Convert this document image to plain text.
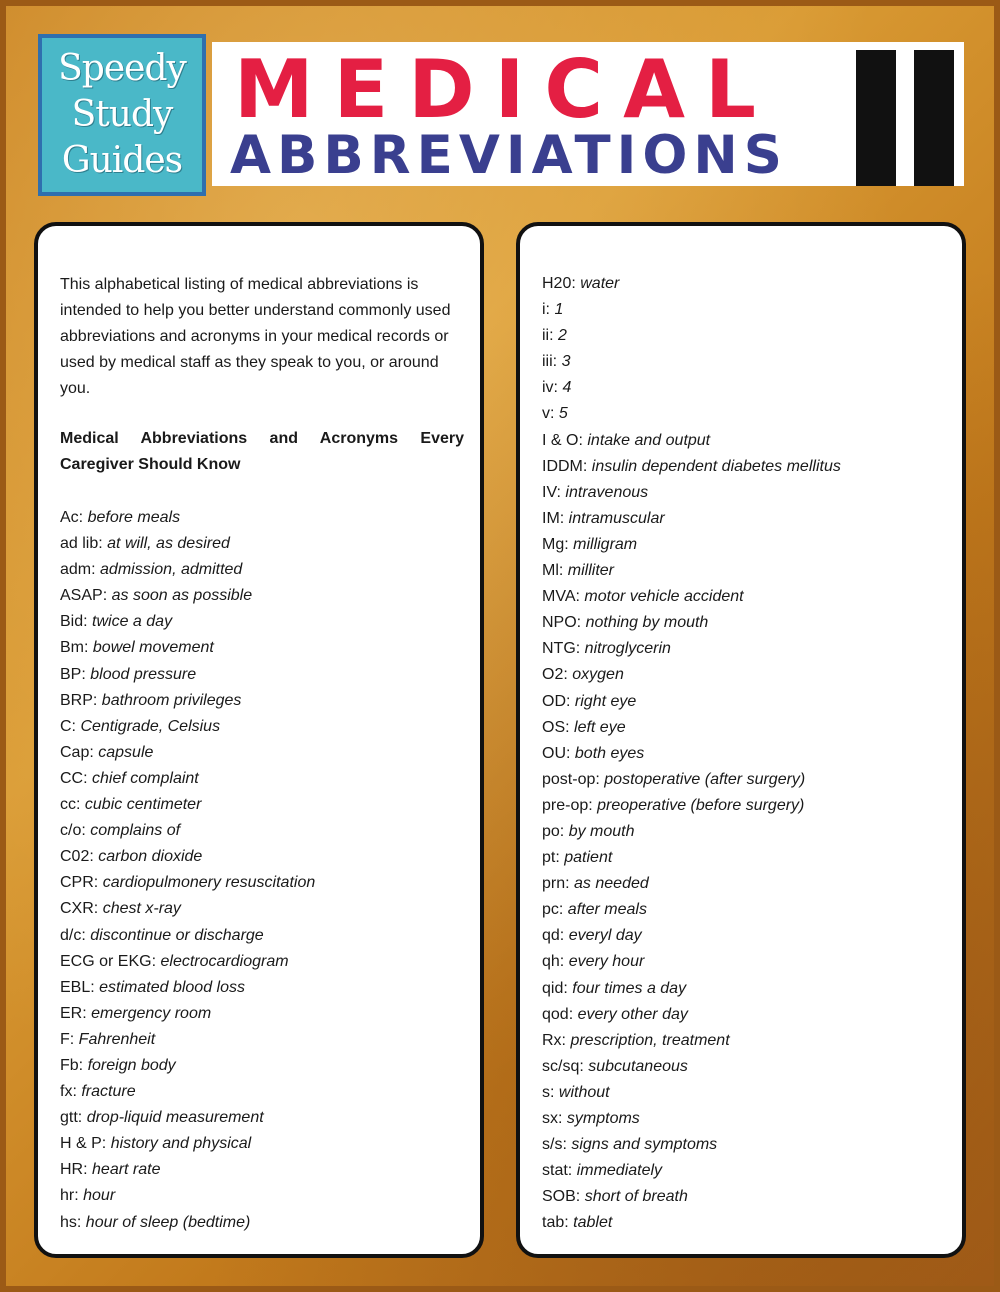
Speedy
Study
Guides
MEDICAL
ABBREVIATIONS

This alphabetical listing of medical abbreviations is intended to help you better understand commonly used abbreviations and acronyms in your medical records or used by medical staff as they speak to you, or around you.

Medical Abbreviations and Acronyms Every Caregiver Should Know

Ac: before meals
ad lib: at will, as desired
adm: admission, admitted
ASAP: as soon as possible
Bid: twice a day
Bm: bowel movement
BP: blood pressure
BRP: bathroom privileges
C: Centigrade, Celsius
Cap: capsule
CC: chief complaint
cc: cubic centimeter
c/o: complains of
C02: carbon dioxide
CPR: cardiopulmonery resuscitation
CXR: chest x-ray
d/c: discontinue or discharge
ECG or EKG: electrocardiogram
EBL: estimated blood loss
ER: emergency room
F: Fahrenheit
Fb: foreign body
fx: fracture
gtt: drop-liquid measurement
H & P: history and physical
HR: heart rate
hr: hour
hs: hour of sleep (bedtime)
H20: water
i: 1
ii: 2
iii: 3
iv: 4
v: 5
I & O: intake and output
IDDM: insulin dependent diabetes mellitus
IV: intravenous
IM: intramuscular
Mg: milligram
Ml: milliter
MVA: motor vehicle accident
NPO: nothing by mouth
NTG: nitroglycerin
O2: oxygen
OD: right eye
OS: left eye
OU: both eyes
post-op: postoperative (after surgery)
pre-op: preoperative (before surgery)
po: by mouth
pt: patient
prn: as needed
pc: after meals
qd: everyl day
qh: every hour
qid: four times a day
qod: every other day
Rx: prescription, treatment
sc/sq: subcutaneous
s: without
sx: symptoms
s/s: signs and symptoms
stat: immediately
SOB: short of breath
tab: tablet
